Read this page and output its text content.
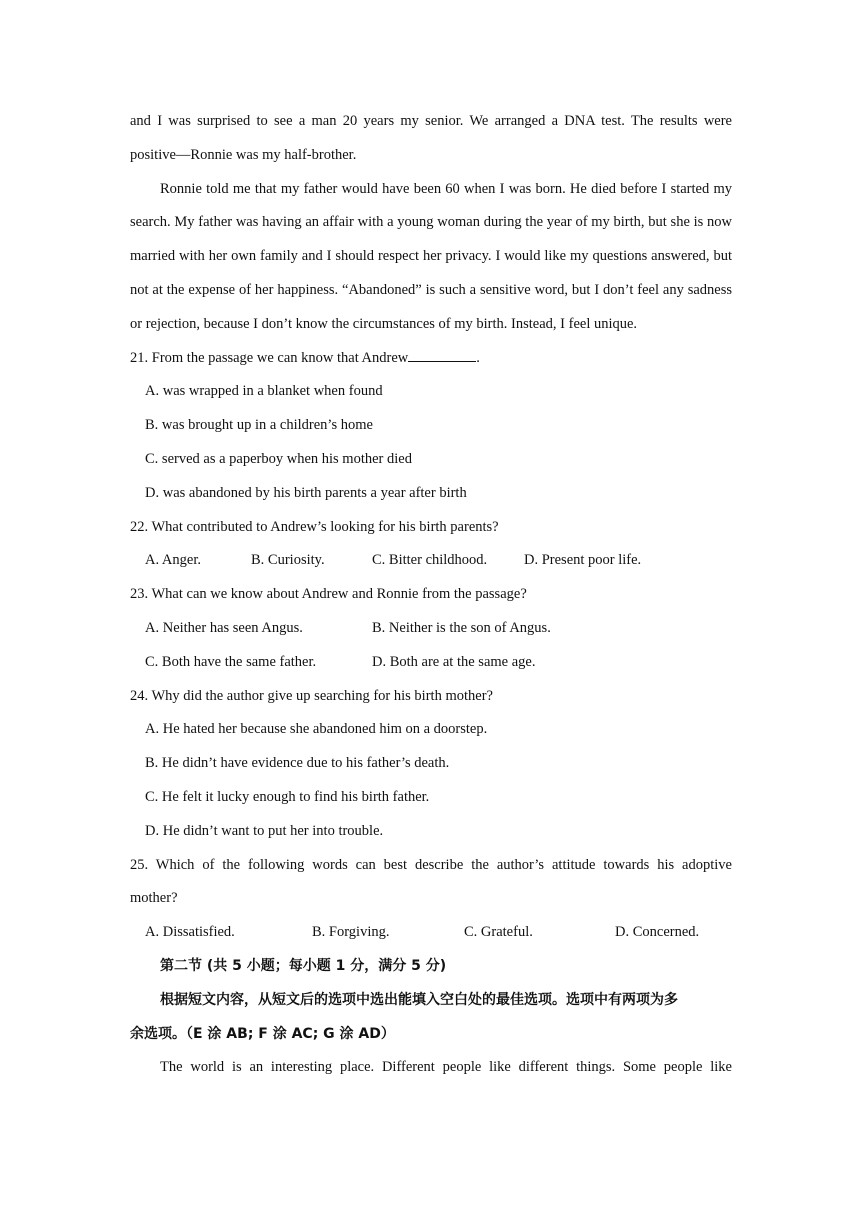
and I was surprised to see a man 20 years my senior. We arranged a DNA test. The results were

positive—Ronnie was my half-brother.

Ronnie told me that my father would have been 60 when I was born. He died before I started my search. My father was having an affair with a young woman during the year of my birth, but she is now married with her own family and I should respect her privacy. I would like my questions answered, but not at the expense of her happiness. “Abandoned” is such a sensitive word, but I don’t feel any sadness or rejection, because I don’t know the circumstances of my birth. Instead, I feel unique.

21. From the passage we can know that Andrew	.

A. was wrapped in a blanket when found

B. was brought up in a children’s home

C. served as a paperboy when his mother died

D. was abandoned by his birth parents a year after birth

22. What contributed to Andrew’s looking for his birth parents?

A. Anger.	B. Curiosity.	C. Bitter childhood.	D. Present poor life.

23. What can we know about Andrew and Ronnie from the passage?

A. Neither has seen Angus.	B. Neither is the son of Angus.
C. Both have the same father.	D. Both are at the same age.

24. Why did the author give up searching for his birth mother?

A. He hated her because she abandoned him on a doorstep.

B. He didn’t have evidence due to his father’s death.

C. He felt it lucky enough to find his birth father.

D. He didn’t want to put her into trouble.

25. Which of the following words can best describe the author’s attitude towards his adoptive

mother?

A. Dissatisfied.	B. Forgiving.	C. Grateful.	D. Concerned.

第二节 (共 5 小题；每小题 1 分，满分 5 分)

根据短文内容，从短文后的选项中选出能填入空白处的最佳选项。选项中有两项为多

余选项。（E 涂 AB; F 涂 AC; G 涂 AD）

The world is an interesting place. Different people like different things. Some people like
